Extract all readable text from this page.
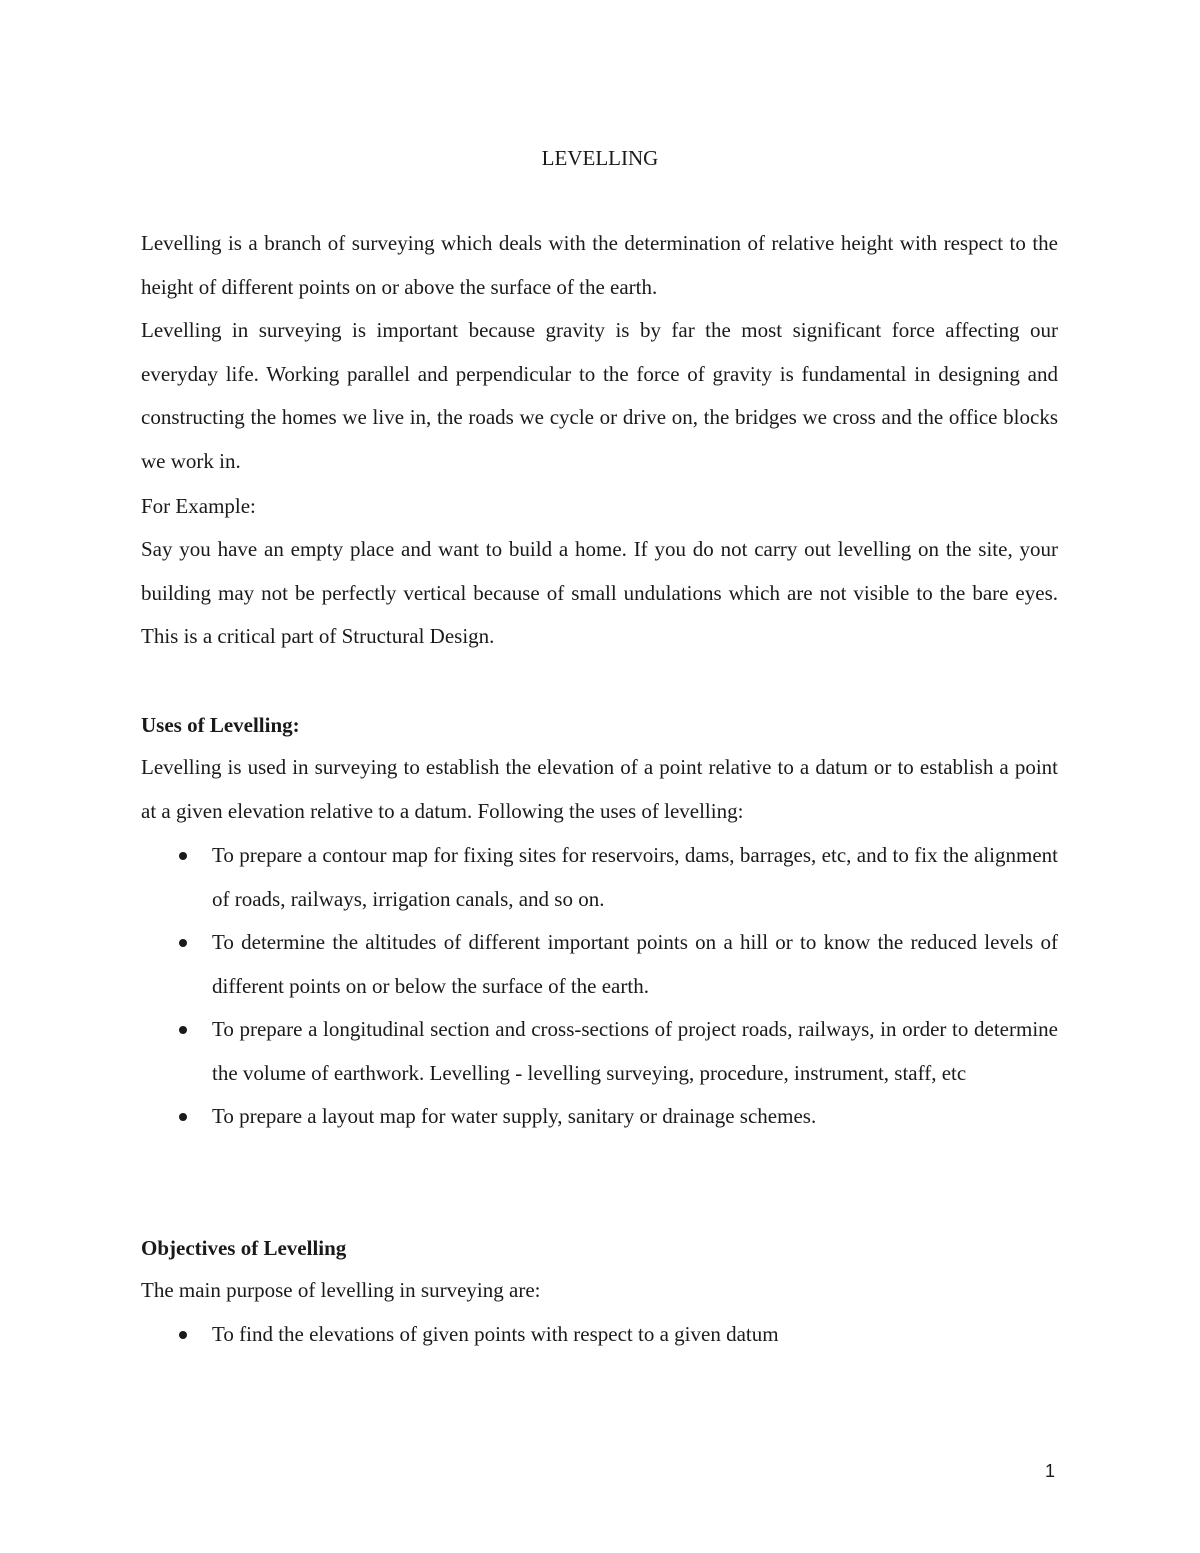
LEVELLING

Levelling is a branch of surveying which deals with the determination of relative height with respect to the height of different points on or above the surface of the earth.

Levelling in surveying is important because gravity is by far the most significant force affecting our everyday life. Working parallel and perpendicular to the force of gravity is fundamental in designing and constructing the homes we live in, the roads we cycle or drive on, the bridges we cross and the office blocks we work in.

For Example:

Say you have an empty place and want to build a home. If you do not carry out levelling on the site, your building may not be perfectly vertical because of small undulations which are not visible to the bare eyes. This is a critical part of Structural Design.

Uses of Levelling:

Levelling is used in surveying to establish the elevation of a point relative to a datum or to establish a point at a given elevation relative to a datum. Following the uses of levelling:

To prepare a contour map for fixing sites for reservoirs, dams, barrages, etc, and to fix the alignment of roads, railways, irrigation canals, and so on.
To determine the altitudes of different important points on a hill or to know the reduced levels of different points on or below the surface of the earth.
To prepare a longitudinal section and cross-sections of project roads, railways, in order to determine the volume of earthwork. Levelling - levelling surveying, procedure, instrument, staff, etc
To prepare a layout map for water supply, sanitary or drainage schemes.
Objectives of Levelling

The main purpose of levelling in surveying are:

To find the elevations of given points with respect to a given datum
1
